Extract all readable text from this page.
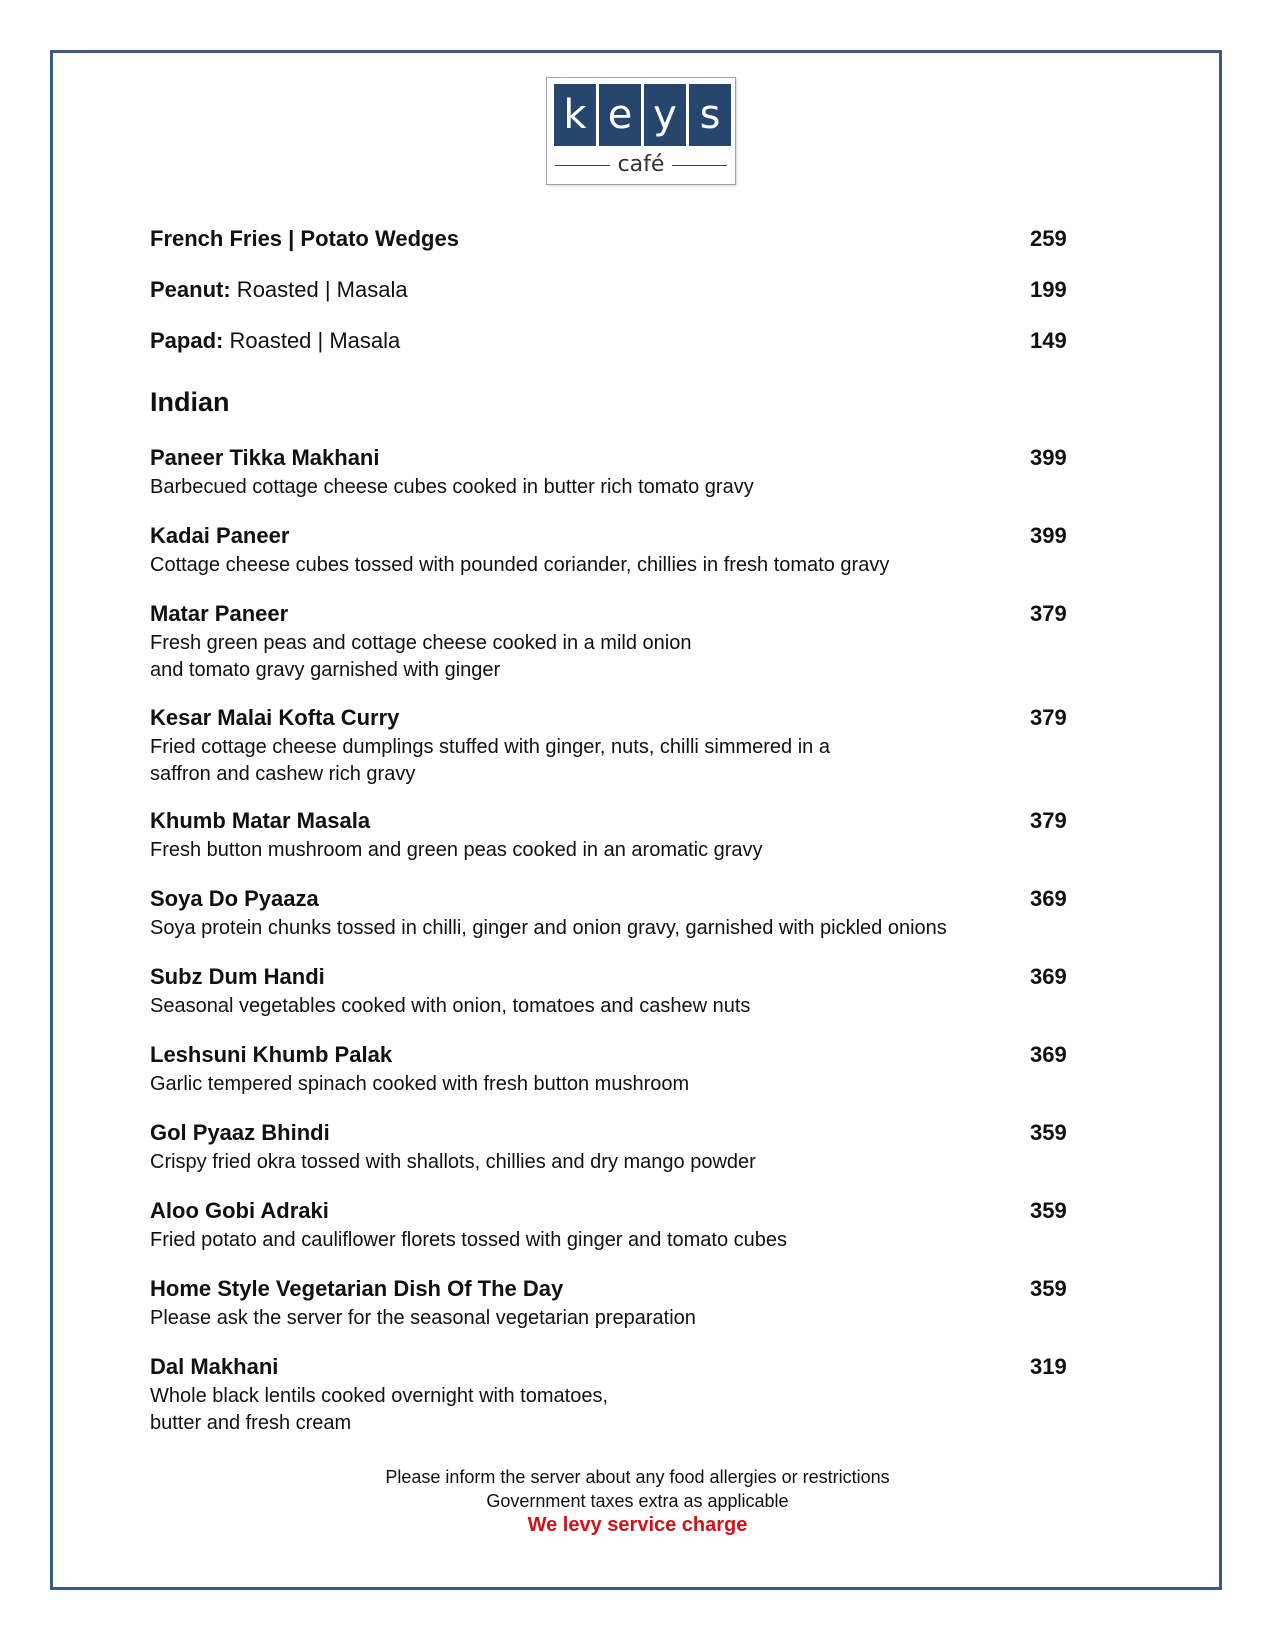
k e y s
café
French Fries | Potato Wedges	259
Peanut: Roasted | Masala	199
Papad: Roasted | Masala	149
Indian
Paneer Tikka Makhani	399
Barbecued cottage cheese cubes cooked in butter rich tomato gravy
Kadai Paneer	399
Cottage cheese cubes tossed with pounded coriander, chillies in fresh tomato gravy
Matar Paneer	379
Fresh green peas and cottage cheese cooked in a mild onion
and tomato gravy garnished with ginger
Kesar Malai Kofta Curry	379
Fried cottage cheese dumplings stuffed with ginger, nuts, chilli simmered in a
saffron and cashew rich gravy
Khumb Matar Masala	379
Fresh button mushroom and green peas cooked in an aromatic gravy
Soya Do Pyaaza	369
Soya protein chunks tossed in chilli, ginger and onion gravy, garnished with pickled onions
Subz Dum Handi	369
Seasonal vegetables cooked with onion, tomatoes and cashew nuts
Leshsuni Khumb Palak	369
Garlic tempered spinach cooked with fresh button mushroom
Gol Pyaaz Bhindi	359
Crispy fried okra tossed with shallots, chillies and dry mango powder
Aloo Gobi Adraki	359
Fried potato and cauliflower florets tossed with ginger and tomato cubes
Home Style Vegetarian Dish Of The Day	359
Please ask the server for the seasonal vegetarian preparation
Dal Makhani	319
Whole black lentils cooked overnight with tomatoes,
butter and fresh cream
Please inform the server about any food allergies or restrictions
Government taxes extra as applicable
We levy service charge
